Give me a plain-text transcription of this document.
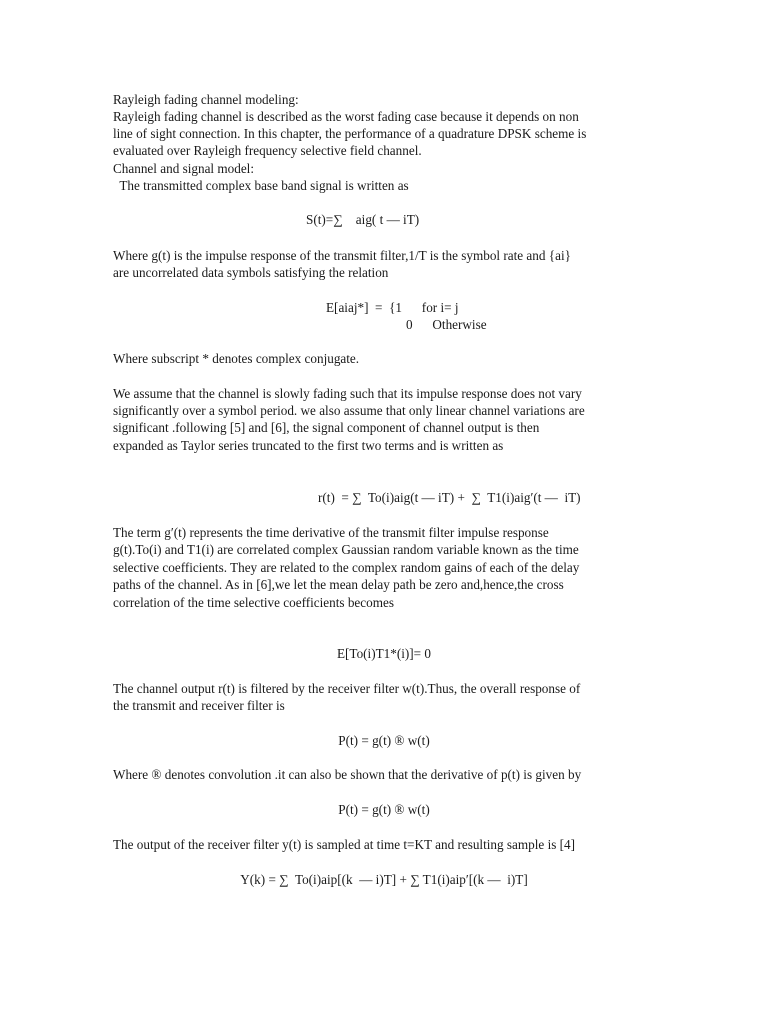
Rayleigh fading channel modeling:

Rayleigh fading channel is described as the worst fading case because it depends on non

line of sight connection. In this chapter, the performance of a quadrature DPSK scheme is

evaluated over Rayleigh frequency selective field channel.

Channel and signal model:

The transmitted complex base band signal is written as

S(t)=∑    aig( t — iT)

Where g(t) is the impulse response of the transmit filter,1/T is the symbol rate and {ai}

are uncorrelated data symbols satisfying the relation

E[aiaj*]  =  {1      for i= j

0      Otherwise

Where subscript * denotes complex conjugate.

We assume that the channel is slowly fading such that its impulse response does not vary

significantly over a symbol period. we also assume that only linear channel variations are

significant .following [5] and [6], the signal component of channel output is then

expanded as Taylor series truncated to the first two terms and is written as

r(t)  = ∑  To(i)aig(t — iT) +  ∑  T1(i)aig′(t —  iT)

The term g′(t) represents the time derivative of the transmit filter impulse response

g(t).To(i) and T1(i) are correlated complex Gaussian random variable known as the time

selective coefficients. They are related to the complex random gains of each of the delay

paths of the channel. As in [6],we let the mean delay path be zero and,hence,the cross

correlation of the time selective coefficients becomes

E[To(i)T1*(i)]= 0

The channel output r(t) is filtered by the receiver filter w(t).Thus, the overall response of

the transmit and receiver filter is

P(t) = g(t) ® w(t)

Where ® denotes convolution .it can also be shown that the derivative of p(t) is given by

P(t) = g(t) ® w(t)

The output of the receiver filter y(t) is sampled at time t=KT and resulting sample is [4]

Y(k) = ∑  To(i)aip[(k  — i)T] + ∑ T1(i)aip′[(k —  i)T]
